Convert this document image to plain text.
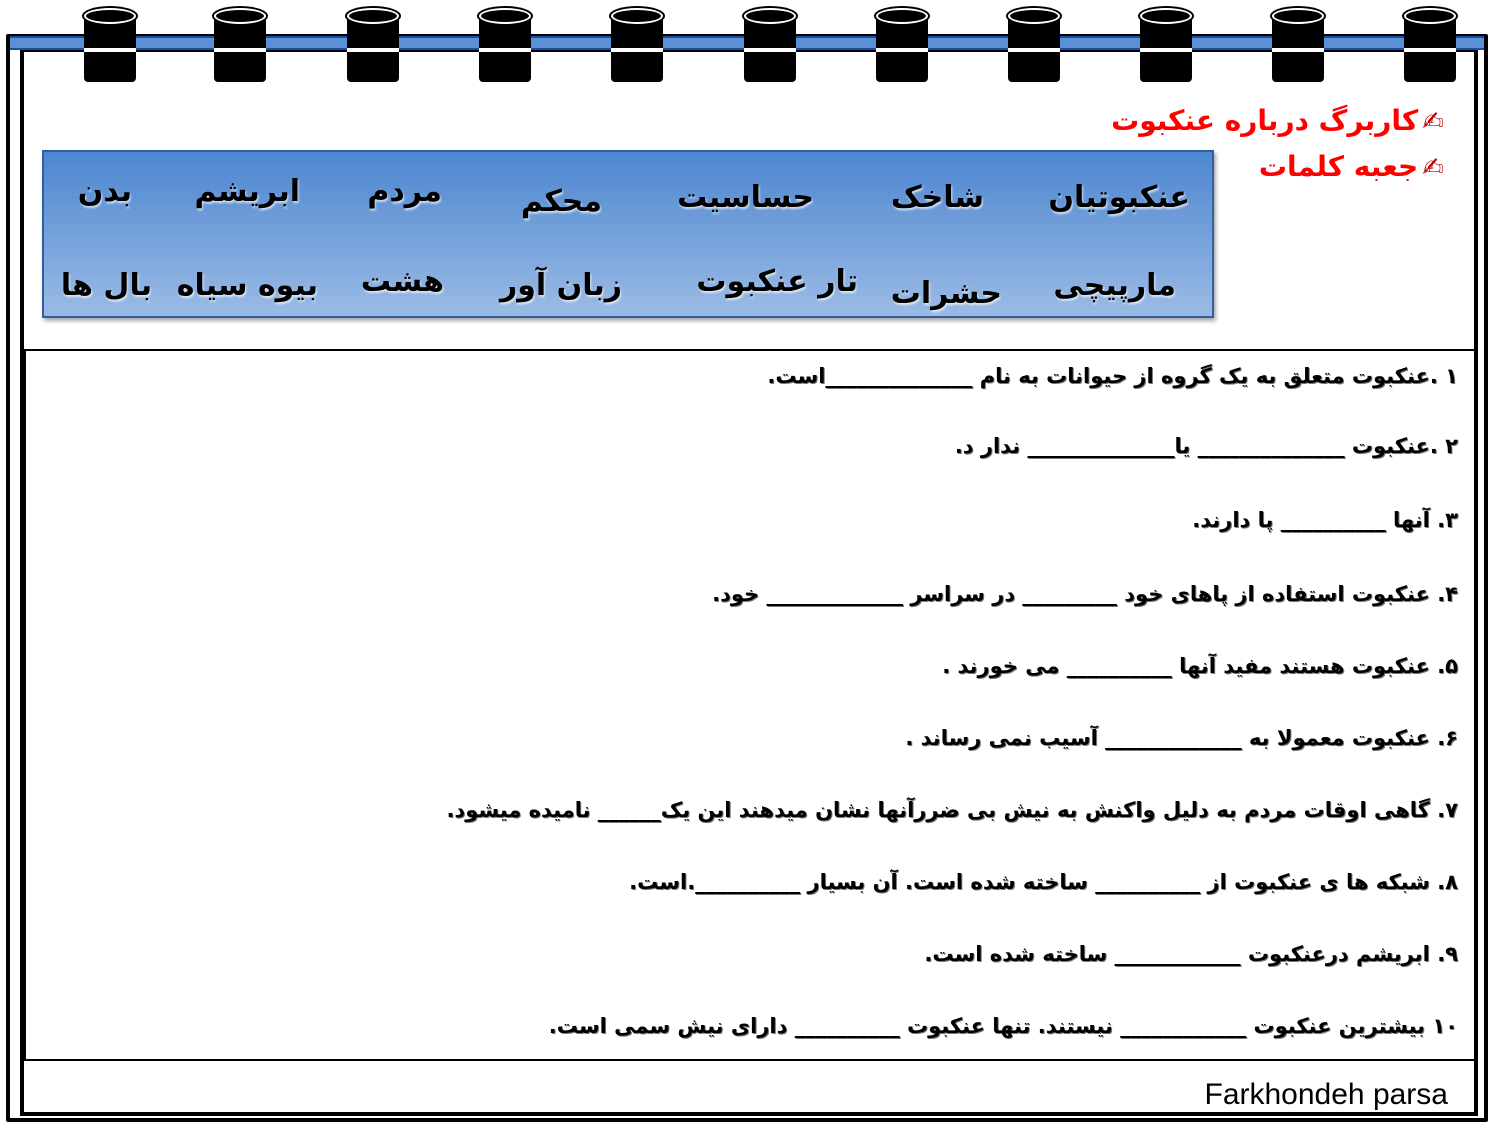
✍کاربرگ درباره عنکبوت
✍جعبه کلمات
عنکبوتیان
شاخک
حساسیت
محکم
مردم
ابریشم
بدن
مارپیچی
حشرات
تار عنکبوت
زبان آور
هشت
بیوه سیاه
بال ها
۱ .عنکبوت متعلق به یک گروه از حیوانات به نام ______________است.
۲ .عنکبوت ______________ یا______________ ندار د.
۳. آنها __________ پا دارند.
۴. عنکبوت استفاده از پاهای خود _________ در سراسر _____________ خود.
۵. عنکبوت هستند مفید آنها __________ می خورند .
۶. عنکبوت معمولا به _____________ آسیب نمی رساند .
۷. گاهی اوقات مردم به دلیل واکنش به نیش بی ضررآنها نشان میدهند این یک______ نامیده میشود.
۸. شبکه ها ی عنکبوت از __________ ساخته شده است. آن بسیار __________.است.
۹. ابریشم درعنکبوت ____________ ساخته شده است.
۱۰ بیشترین عنکبوت ____________ نیستند. تنها عنکبوت __________ دارای نیش سمی است.
Farkhondeh parsa
